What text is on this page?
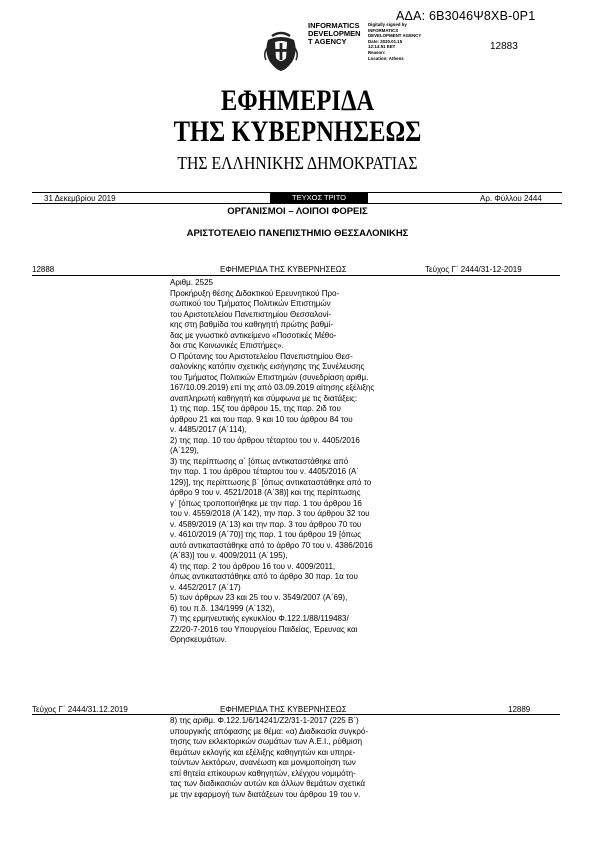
ΑΔΑ: 6Β3046Ψ8ΧΒ-0Ρ1
12883
INFORMATICS
DEVELOPMEN
T AGENCY
Digitally signed by
INFORMATICS
DEVELOPMENT AGENCY
Date: 2020.01.15
12:14:51 EET
Reason:
Location: Athens
ΕΦΗΜΕΡΙΔΑ
ΤΗΣ ΚΥΒΕΡΝΗΣΕΩΣ
ΤΗΣ ΕΛΛΗΝΙΚΗΣ ΔΗΜΟΚΡΑΤΙΑΣ
31 Δεκεμβρίου 2019	ΤΕΥΧΟΣ ΤΡΙΤΟ	Αρ. Φύλλου 2444
ΟΡΓΑΝΙΣΜΟΙ – ΛΟΙΠΟΙ ΦΟΡΕΙΣ
ΑΡΙΣΤΟΤΕΛΕΙΟ ΠΑΝΕΠΙΣΤΗΜΙΟ ΘΕΣΣΑΛΟΝΙΚΗΣ
12888	ΕΦΗΜΕΡΙΔΑ ΤΗΣ ΚΥΒΕΡΝΗΣΕΩΣ	Τεύχος Γ΄ 2444/31-12-2019
Αριθμ. 2525
Προκήρυξη θέσης Διδακτικού Ερευνητικού Προ-
σωπικού του Τμήματος Πολιτικών Επιστημών
του Αριστοτελείου Πανεπιστημίου Θεσσαλονί-
κης στη βαθμίδα του καθηγητή πρώτης βαθμί-
δας με γνωστικό αντικείμενο «Ποσοτικές Μέθο-
δοι στις Κοινωνικές Επιστήμες».
Ο Πρύτανης του Αριστοτελείου Πανεπιστημίου Θεσ-
σαλονίκης κατόπιν σχετικής εισήγησης της Συνέλευσης
του Τμήματος Πολιτικών Επιστημών (συνεδρίαση αριθμ.
167/10.09.2019) επί της από 03.09.2019 αίτησης εξέλιξης
αναπληρωτή καθηγητή και σύμφωνα με τις διατάξεις:
1) της παρ. 15ζ του άρθρου 15, της παρ. 2ιδ του
άρθρου 21 και του παρ. 9 και 10 του άρθρου 84 του
ν. 4485/2017 (Α΄114),
2) της παρ. 10 του άρθρου τέταρτου του ν. 4405/2016
(Α΄129),
3) της περίπτωσης α΄ [όπως αντικαταστάθηκε από
την παρ. 1 του άρθρου τέταρτου του ν. 4405/2016 (Α΄
129)], της περίπτωσης β΄ [όπως αντικαταστάθηκε από το
άρθρο 9 του ν. 4521/2018 (Α΄38)] και της περίπτωσης
γ΄ [όπως τροποποιήθηκε με την παρ. 1 του άρθρου 16
του ν. 4559/2018 (Α΄142), την παρ. 3 του άρθρου 32 του
ν. 4589/2019 (Α΄13) και την παρ. 3 του άρθρου 70 του
ν. 4610/2019 (Α΄70)] της παρ. 1 του άρθρου 19 [όπως
αυτό αντικαταστάθηκε από το άρθρο 70 του ν. 4386/2016
(Α΄83)] του ν. 4009/2011 (Α΄195),
4) της παρ. 2 του άρθρου 16 του ν. 4009/2011,
όπως αντικαταστάθηκε από το άρθρο 30 παρ. 1α του
ν. 4452/2017 (Α΄17)
5) των άρθρων 23 και 25 του ν. 3549/2007 (Α΄69),
6) του π.δ. 134/1999 (Α΄132),
7) της ερμηνευτικής εγκυκλίου Φ.122.1/88/119483/
Ζ2/20-7-2016 του Υπουργείου Παιδείας, Έρευνας και
Θρησκευμάτων.
Τεύχος Γ΄ 2444/31.12.2019	ΕΦΗΜΕΡΙΔΑ ΤΗΣ ΚΥΒΕΡΝΗΣΕΩΣ	12889
8) της αριθμ. Φ.122.1/6/14241/Ζ2/31-1-2017 (225 Β΄)
υπουργικής απόφασης με θέμα: «α) Διαδικασία συγκρό-
τησης των εκλεκτορικών σωμάτων των Α.Ε.Ι., ρύθμιση
θεμάτων εκλογής και εξέλιξης καθηγητών και υπηρε-
τούντων λεκτόρων, ανανέωση και μονιμοποίηση των
επί θητεία επίκουρων καθηγητών, ελέγχου νομιμότη-
τας των διαδικασιών αυτών και άλλων θεμάτων σχετικά
με την εφαρμογή των διατάξεων του άρθρου 19 του ν.
